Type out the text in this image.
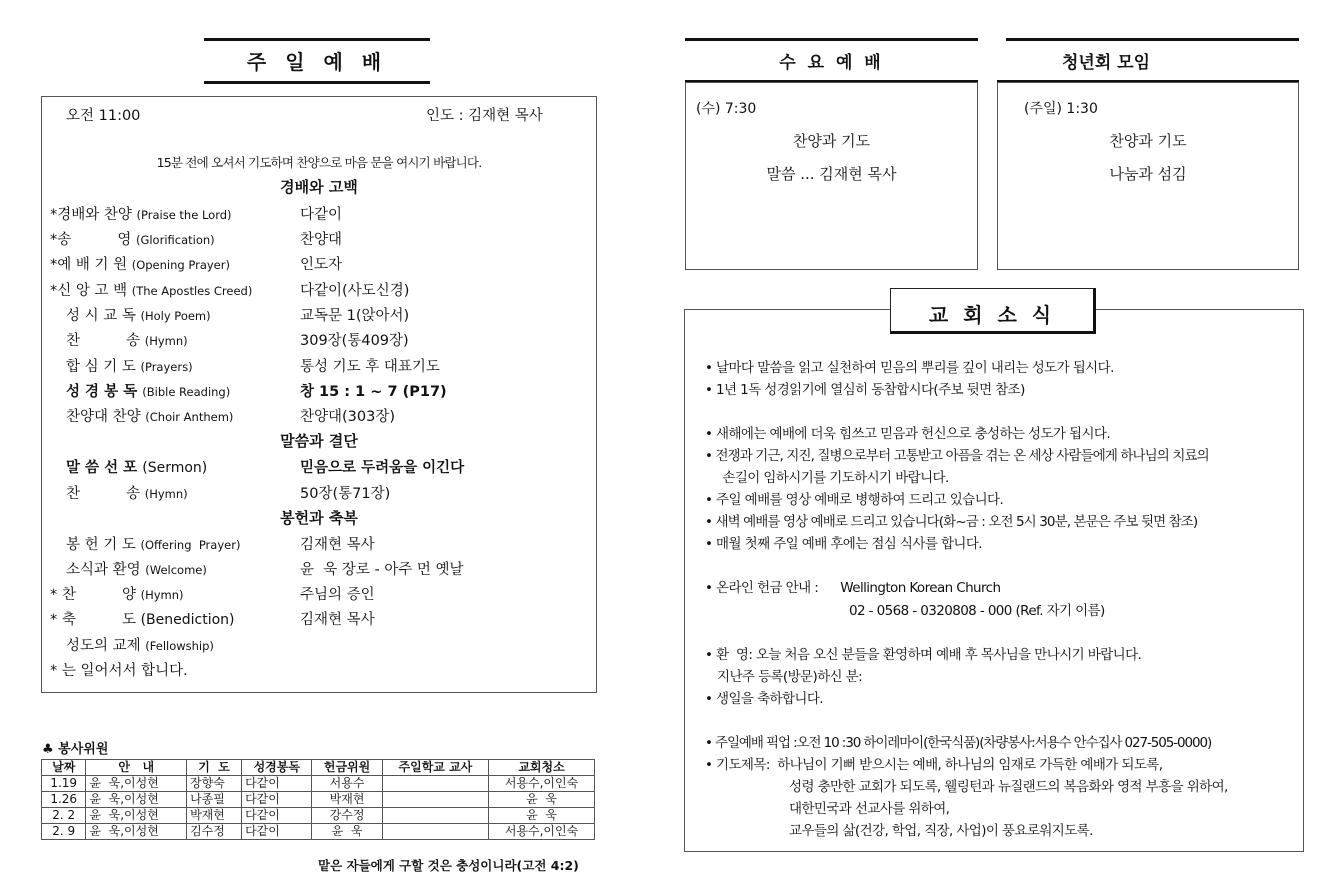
주 일 예 배
오전 11:00	인도 : 김재현 목사
15분 전에 오셔서 기도하며 찬양으로 마음 문을 여시기 바랍니다.
경배와 고백
*경배와 찬양 (Praise the Lord)	다같이
*송          영 (Glorification)	찬양대
*예 배 기 원 (Opening Prayer)	인도자
*신 앙 고 백 (The Apostles Creed)	다같이(사도신경)
성 시 교 독 (Holy Poem)	교독문 1(앉아서)
찬          송 (Hymn)	309장(통409장)
합 심 기 도 (Prayers)	통성 기도 후 대표기도
성 경 봉 독 (Bible Reading)	창 15 : 1 ~ 7 (P17)
찬양대 찬양 (Choir Anthem)	찬양대(303장)
말씀과 결단
말 씀 선 포 (Sermon)	믿음으로 두려움을 이긴다
찬          송 (Hymn)	50장(통71장)
봉헌과 축복
봉 헌 기 도 (Offering  Prayer)	김재현 목사
소식과 환영 (Welcome)	윤  욱 장로 - 아주 먼 옛날
* 찬          양 (Hymn)	주님의 증인
* 축          도 (Benediction)	김재현 목사
성도의 교제 (Fellowship)
* 는 일어서서 합니다.
♣ 봉사위원
날짜	안   내	기  도	성경봉독	헌금위원	주일학교 교사	교회청소
1.19	윤  욱,이성현	장향숙	다같이	서용수		서용수,이인숙
1.26	윤  욱,이성현	나종필	다같이	박재현		윤  욱
2. 2	윤  욱,이성현	박재현	다같이	강수정		윤  욱
2. 9	윤  욱,이성현	김수정	다같이	윤  욱		서용수,이인숙
맡은 자들에게 구할 것은 충성이니라(고전 4:2)
수 요 예 배
(수) 7:30
찬양과 기도
말씀 ... 김재현 목사
청년회 모임
(주일) 1:30
찬양과 기도
나눔과 섬김
• 날마다 말씀을 읽고 실천하여 믿음의 뿌리를 깊이 내리는 성도가 됩시다.
• 1년 1독 성경읽기에 열심히 동참합시다(주보 뒷면 참조)
• 새해에는 예배에 더욱 힘쓰고 믿음과 헌신으로 충성하는 성도가 됩시다.
• 전쟁과 기근, 지진, 질병으로부터 고통받고 아픔을 겪는 온 세상 사람들에게 하나님의 치료의
손길이 임하시기를 기도하시기 바랍니다.
• 주일 예배를 영상 예배로 병행하여 드리고 있습니다.
• 새벽 예배를 영상 예배로 드리고 있습니다(화~금 : 오전 5시 30분, 본문은 주보 뒷면 참조)
• 매월 첫째 주일 예배 후에는 점심 식사를 합니다.
• 온라인 헌금 안내 :      Wellington Korean Church
02 - 0568 - 0320808 - 000 (Ref. 자기 이름)
• 환  영: 오늘 처음 오신 분들을 환영하며 예배 후 목사님을 만나시기 바랍니다.
지난주 등록(방문)하신 분:
• 생일을 축하합니다.
• 주일예배 픽업 :오전 10 :30 하이레마이(한국식품)(차량봉사:서용수 안수집사 027-505-0000)
• 기도제목:  하나님이 기뻐 받으시는 예배, 하나님의 임재로 가득한 예배가 되도록,
성령 충만한 교회가 되도록, 웰링턴과 뉴질랜드의 복음화와 영적 부흥을 위하여,
대한민국과 선교사를 위하여,
교우들의 삶(건강, 학업, 직장, 사업)이 풍요로워지도록.
교 회 소 식
